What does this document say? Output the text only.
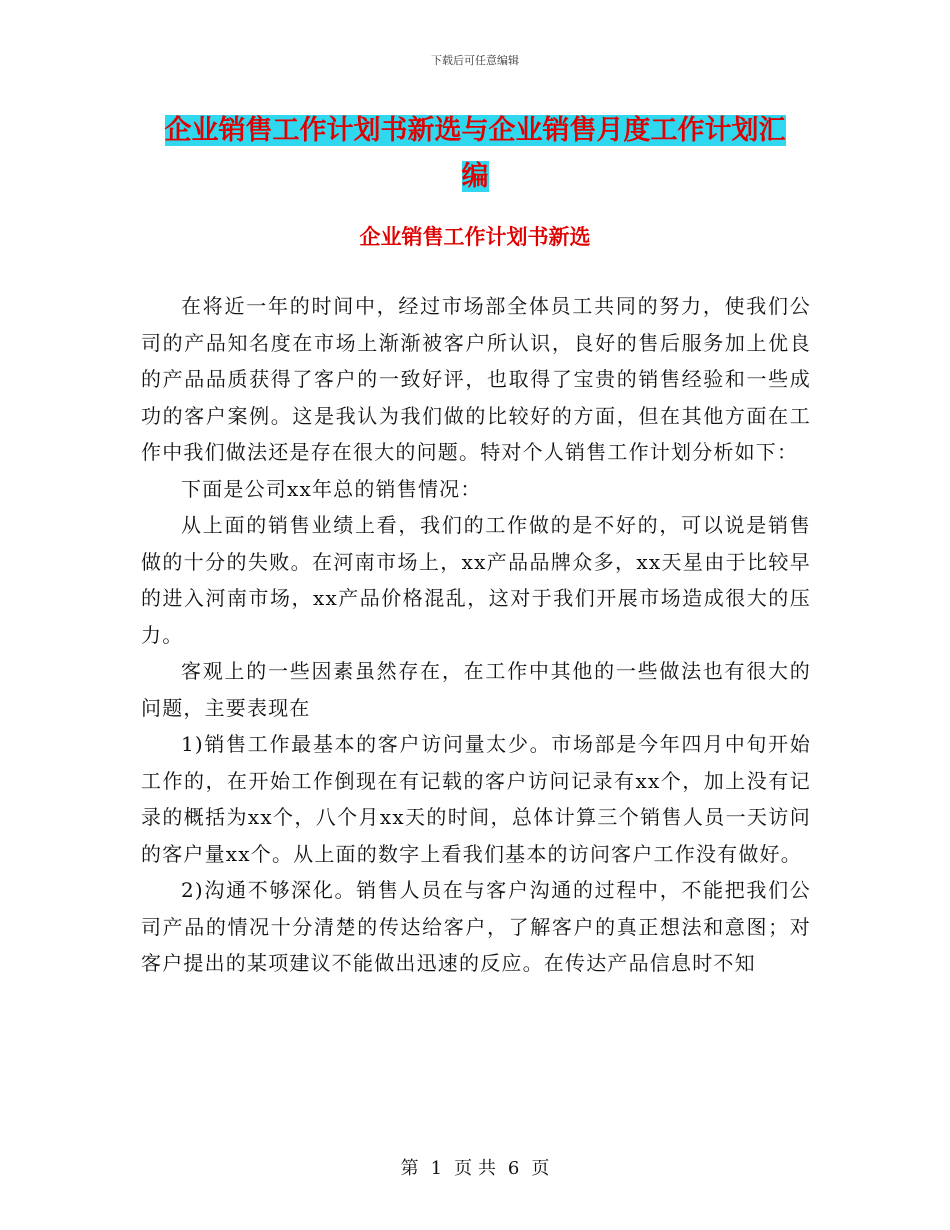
下载后可任意编辑
企业销售工作计划书新选与企业销售月度工作计划汇
编
企业销售工作计划书新选

在将近一年的时间中，经过市场部全体员工共同的努力，使我们公司的产品知名度在市场上渐渐被客户所认识，良好的售后服务加上优良的产品品质获得了客户的一致好评，也取得了宝贵的销售经验和一些成功的客户案例。这是我认为我们做的比较好的方面，但在其他方面在工作中我们做法还是存在很大的问题。特对个人销售工作计划分析如下：

下面是公司xx年总的销售情况：

从上面的销售业绩上看，我们的工作做的是不好的，可以说是销售做的十分的失败。在河南市场上，xx产品品牌众多，xx天星由于比较早的进入河南市场，xx产品价格混乱，这对于我们开展市场造成很大的压力。

客观上的一些因素虽然存在，在工作中其他的一些做法也有很大的问题，主要表现在

1)销售工作最基本的客户访问量太少。市场部是今年四月中旬开始工作的，在开始工作倒现在有记载的客户访问记录有xx个，加上没有记录的概括为xx个，八个月xx天的时间，总体计算三个销售人员一天访问的客户量xx个。从上面的数字上看我们基本的访问客户工作没有做好。

2)沟通不够深化。销售人员在与客户沟通的过程中，不能把我们公司产品的情况十分清楚的传达给客户，了解客户的真正想法和意图；对客户提出的某项建议不能做出迅速的反应。在传达产品信息时不知

第 1 页 共 6 页
